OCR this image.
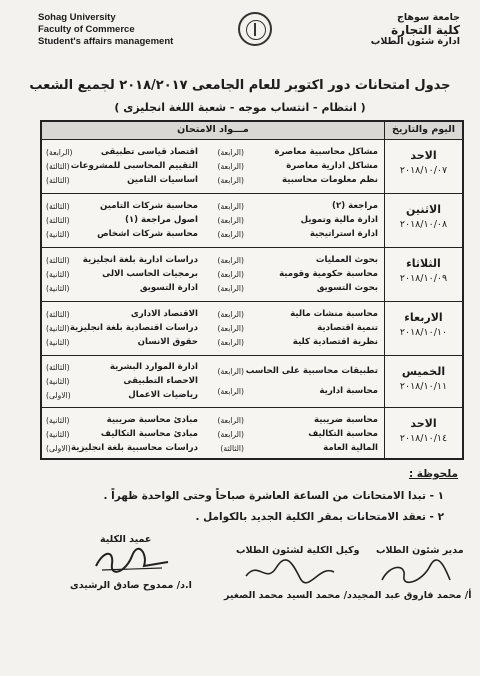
Sohag University
Faculty of Commerce
Student's affairs management
جامعة سوهاج
كلية التجارة
ادارة شئون الطلاب
جدول امتحانات دور اكتوبر للعام الجامعى ٢٠١٨/٢٠١٧ لجميع الشعب
( انتظام - انتساب موجه - شعبة اللغة انجليزى )
اليوم والتاريخ
مـــواد الامتحان
الاحد
٢٠١٨/١٠/٠٧
مشاكل محاسبية معاصرة
مشاكل ادارية معاصرة
نظم معلومات محاسبية
(الرابعة)
(الرابعة)
(الرابعة)
اقتصاد قياسى تطبيقى
التقييم المحاسبى للمشروعات
اساسيات التامين
(الرابعة)
(الثالثة)
(الثالثة)
الاثنين
٢٠١٨/١٠/٠٨
مراجعة (٢)
ادارة مالية وتمويل
ادارة استراتيجية
(الرابعة)
(الرابعة)
(الرابعة)
محاسبة شركات التامين
اصول مراجعة (١)
محاسبة شركات اشخاص
(الثالثة)
(الثالثة)
(الثانية)
الثلاثاء
٢٠١٨/١٠/٠٩
بحوث العمليات
محاسبة حكومية وقومية
بحوث التسويق
(الرابعة)
(الرابعة)
(الرابعة)
دراسات ادارية بلغة انجليزية
برمجيات الحاسب الالى
ادارة التسويق
(الثالثة)
(الثانية)
(الثانية)
الاربعاء
٢٠١٨/١٠/١٠
محاسبة منشات مالية
تنمية اقتصادية
نظرية اقتصادية كلية
(الرابعة)
(الرابعة)
(الرابعة)
الاقتصاد الادارى
دراسات اقتصادية بلغة انجليزية
حقوق الانسان
(الثالثة)
(الثانية)
(الثانية)
الخميس
٢٠١٨/١٠/١١
تطبيقات محاسبية على الحاسب
محاسبة ادارية
(الرابعة)
(الرابعة)
ادارة الموارد البشرية
الاحصاء التطبيقى
رياضيات الاعمال
(الثالثة)
(الثانية)
(الاولى)
الاحد
٢٠١٨/١٠/١٤
محاسبة ضريبية
محاسبة التكاليف
المالية العامة
(الرابعة)
(الرابعة)
(الثالثة)
مبادئ محاسبة ضريبية
مبادئ محاسبة التكاليف
دراسات محاسبية بلغة انجليزية
(الثانية)
(الثانية)
(الاولى)
ملحوظة :
١ - تبدا الامتحانات من الساعة العاشرة صباحاً وحتى الواحدة ظهراً .
٢ - تعقد الامتحانات بمقر الكلية الجديد بالكوامل .
عميد الكلية
وكيل الكلية لشئون الطلاب مدير شئون الطلاب
ا.د/ ممدوح صادق الرشيدى
د/ محمد السيد محمد الصغير أ/ محمد فاروق عبد المجيد
